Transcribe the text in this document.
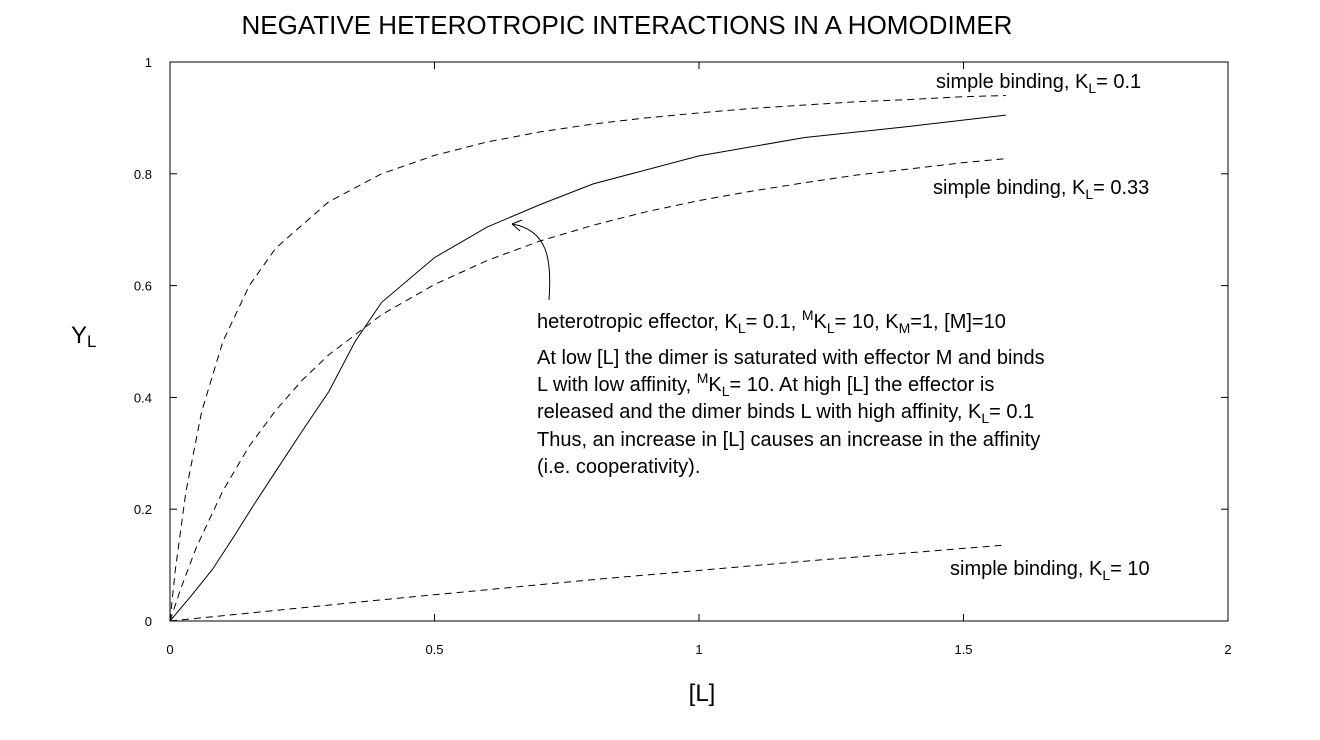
NEGATIVE HETEROTROPIC INTERACTIONS IN A HOMODIMER
0	0.5	1	1.5	2
0
0.2
0.4
0.6
0.8
1
YL
[L]
simple binding, $K_L= 0.1$
simple binding, $K_L= 0.33$
simple binding, $K_L= 10$
heterotropic effector, $K_L= 0.1$, $^MK_L= 10$, $K_M=1$, [M]=10
At low [L] the dimer is saturated with effector M and binds
L with low affinity, $^MK_L= 10$. At high [L] the effector is
released and the dimer binds L with high affinity, $K_L= 0.1$
Thus, an increase in [L] causes an increase in the affinity
(i.e. cooperativity).
